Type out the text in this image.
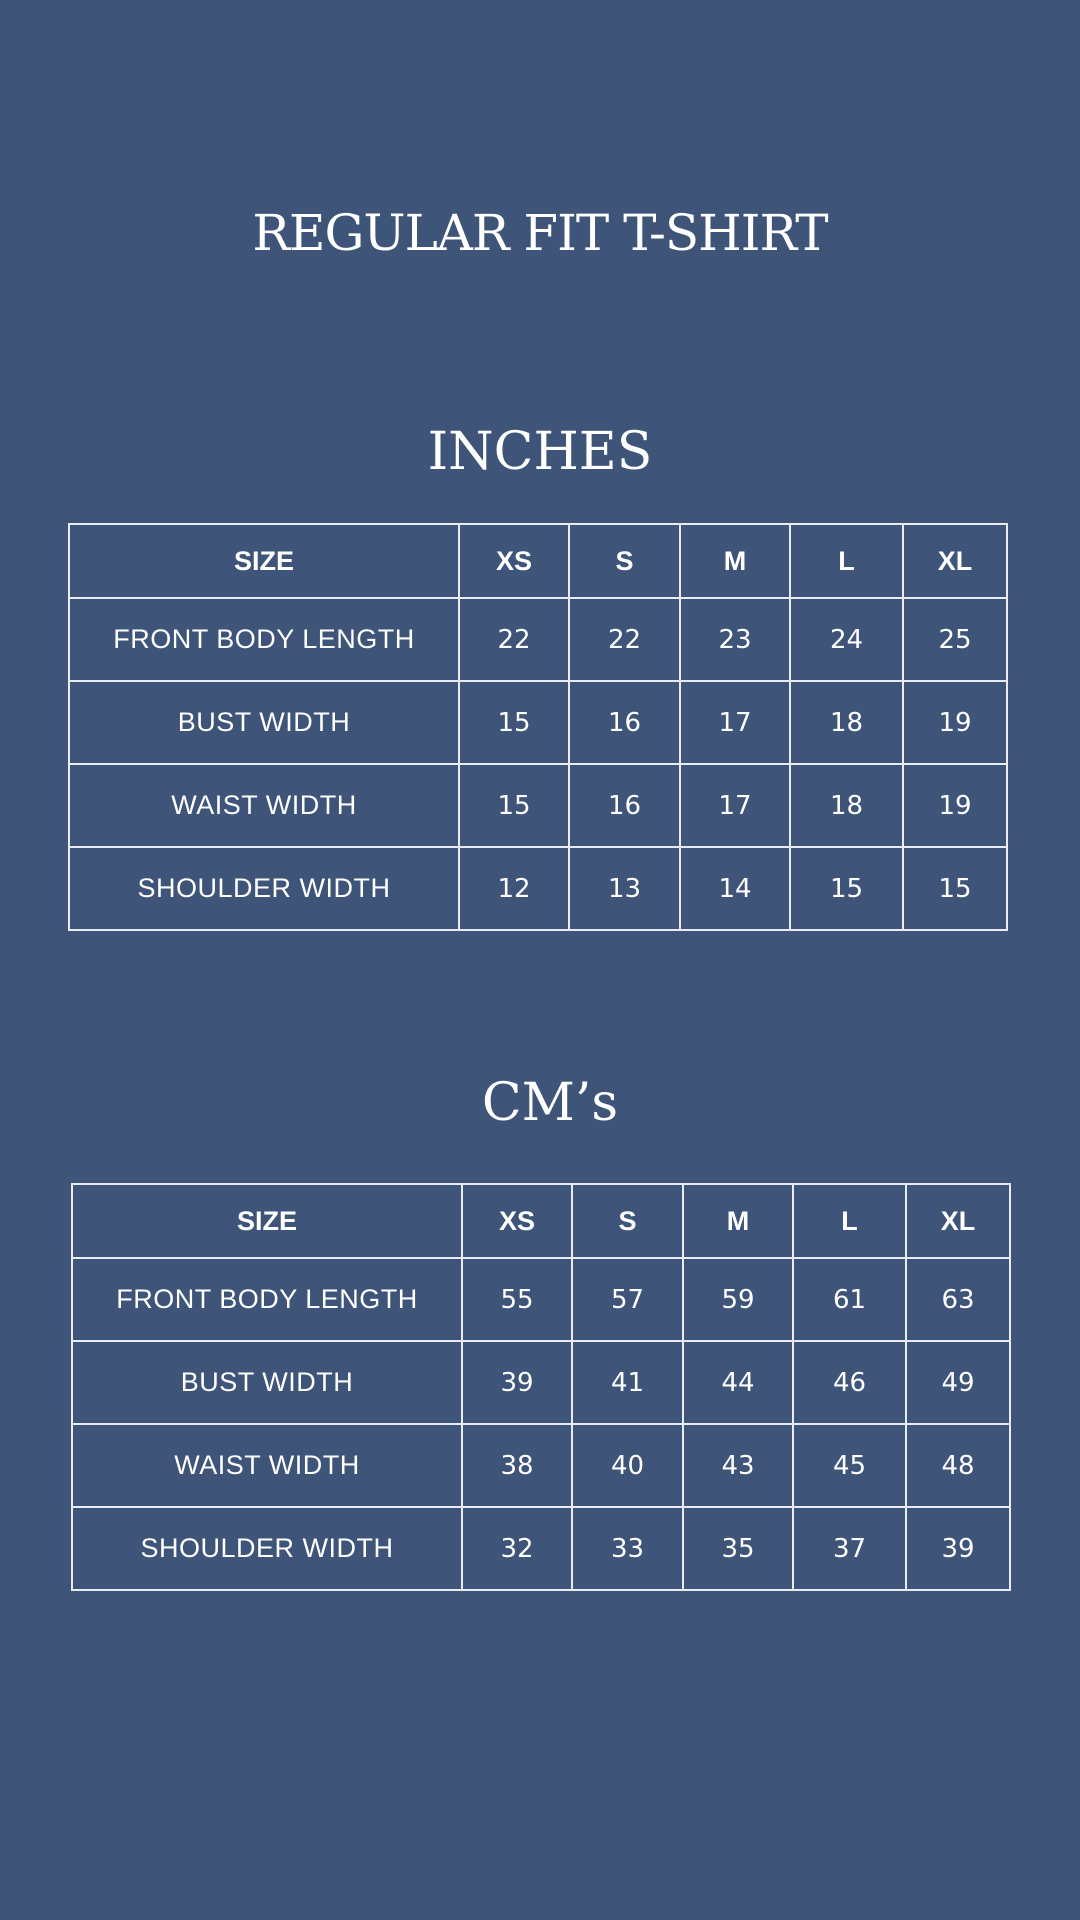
REGULAR FIT T-SHIRT
INCHES
SIZE	XS	S	M	L	XL
FRONT BODY LENGTH	22	22	23	24	25
BUST WIDTH	15	16	17	18	19
WAIST WIDTH	15	16	17	18	19
SHOULDER WIDTH	12	13	14	15	15
CM’s
SIZE	XS	S	M	L	XL
FRONT BODY LENGTH	55	57	59	61	63
BUST WIDTH	39	41	44	46	49
WAIST WIDTH	38	40	43	45	48
SHOULDER WIDTH	32	33	35	37	39
